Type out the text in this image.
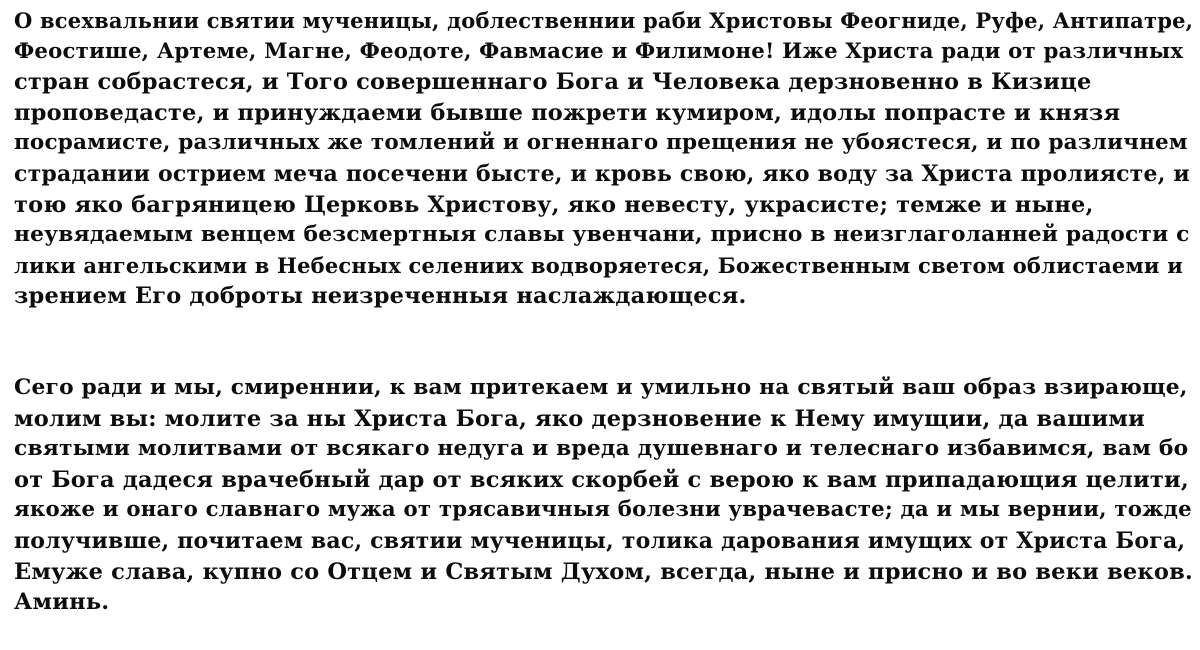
О всехвальнии святии мученицы, доблественнии раби Христовы Феогниде, Руфе, Антипатре,
Феостише, Артеме, Магне, Феодоте, Фавмасие и Филимоне! Иже Христа ради от различных
стран собрастеся, и Того совершеннаго Бога и Человека дерзновенно в Кизице
проповедасте, и принуждаеми бывше пожрети кумиром, идолы попрасте и князя
посрамисте, различных же томлений и огненнаго прещения не убоястеся, и по различнем
страдании острием меча посечени бысте, и кровь свою, яко воду за Христа пролиясте, и
тою яко багряницею Церковь Христову, яко невесту, украсисте; темже и ныне,
неувядаемым венцем безсмертныя славы увенчани, присно в неизглаголанней радости с
лики ангельскими в Небесных селениих водворяетеся, Божественным светом облистаеми и
зрением Его доброты неизреченныя наслаждающеся.
Сего ради и мы, смиреннии, к вам притекаем и умильно на святый ваш образ взирающе,
молим вы: молите за ны Христа Бога, яко дерзновение к Нему имущии, да вашими
святыми молитвами от всякаго недуга и вреда душевнаго и телеснаго избавимся, вам бо
от Бога дадеся врачебный дар от всяких скорбей с верою к вам припадающия целити,
якоже и онаго славнаго мужа от трясавичныя болезни уврачевасте; да и мы вернии, тожде
получивше, почитаем вас, святии мученицы, толика дарования имущих от Христа Бога,
Емуже слава, купно со Отцем и Святым Духом, всегда, ныне и присно и во веки веков.
Аминь.
